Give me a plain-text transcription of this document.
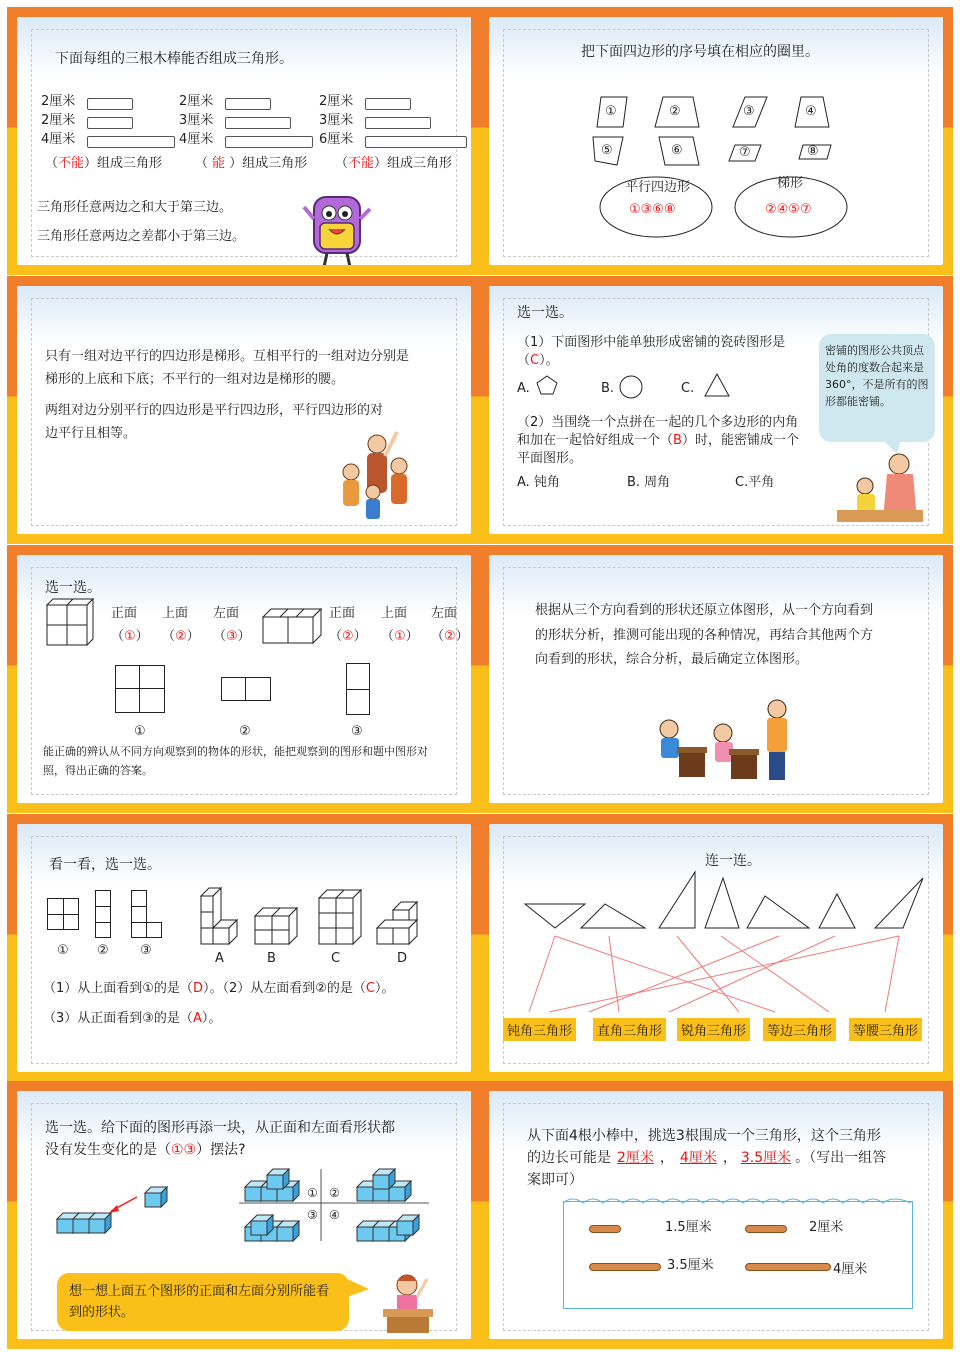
下面每组的三根木棒能否组成三角形。
2厘米
2厘米
4厘米
（不能）组成三角形
2厘米
3厘米
4厘米
（ 能 ）组成三角形
2厘米
3厘米
6厘米
（不能）组成三角形
三角形任意两边之和大于第三边。
三角形任意两边之差都小于第三边。
把下面四边形的序号填在相应的圈里。
①	②	③	④
⑤	⑥	⑦	⑧
平行四边形
①③⑥⑧
梯形
②④⑤⑦
只有一组对边平行的四边形是梯形。互相平行的一组对边分别是梯形的上底和下底；不平行的一组对边是梯形的腰。
两组对边分别平行的四边形是平行四边形，平行四边形的对边平行且相等。
选一选。
（1）下面图形中能单独形成密铺的瓷砖图形是
（C）。
A.	B.	C.
（2）当围绕一个点拼在一起的几个多边形的内角
和加在一起恰好组成一个（B）时，能密铺成一个
平面图形。
A. 钝角	B. 周角	C.平角
密铺的图形公共顶点处角的度数合起来是360°，不是所有的图形都能密铺。
选一选。
正面 上面 左面
（①） （②） （③）
正面 上面 左面
（②） （①） （②）
①	②	③
能正确的辨认从不同方向观察到的物体的形状，能把观察到的图形和题中图形对照，得出正确的答案。
根据从三个方向看到的形状还原立体图形，从一个方向看到的形状分析，推测可能出现的各种情况，再结合其他两个方向看到的形状，综合分析，最后确定立体图形。
看一看，选一选。
① ② ③
A	B	C	D
（1）从上面看到①的是（D）。（2）从左面看到②的是（C）。
（3）从正面看到③的是（A）。
连一连。
钝角三角形	直角三角形	锐角三角形	等边三角形	等腰三角形
选一选。给下面的图形再添一块，从正面和左面看形状都
没有发生变化的是（①③）摆法?
① ②
③ ④
想一想上面五个图形的正面和左面分别所能看到的形状。
从下面4根小棒中，挑选3根围成一个三角形，这个三角形
的边长可能是 2厘米 ， 4厘米 ， 3.5厘米 。（写出一组答
案即可）
1.5厘米	2厘米
3.5厘米	4厘米
